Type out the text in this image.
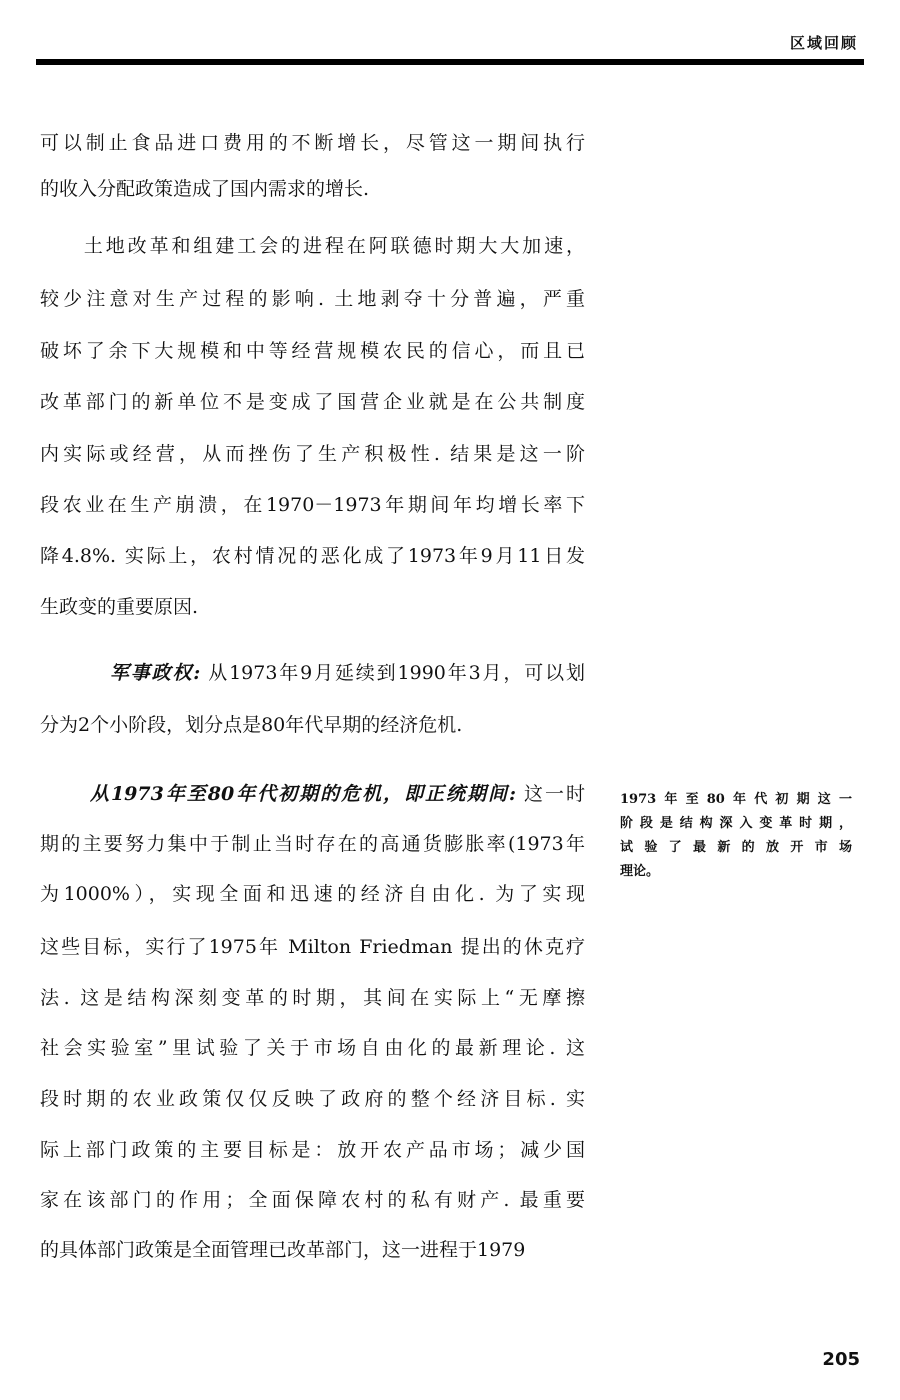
区域回顾
可以制止食品进口费用的不断增长，尽管这一期间执行
的收入分配政策造成了国内需求的增长.
　　土地改革和组建工会的进程在阿联德时期大大加速，
较少注意对生产过程的影响. 土地剥夺十分普遍，严重
破坏了余下大规模和中等经营规模农民的信心，而且已
改革部门的新单位不是变成了国营企业就是在公共制度
内实际或经营，从而挫伤了生产积极性. 结果是这一阶
段农业在生产崩溃，在1970－1973年期间年均增长率下
降4.8%. 实际上，农村情况的恶化成了1973年9月11日发
生政变的重要原因.
军事政权: 从1973年9月延续到1990年3月，可以划
分为2个小阶段，划分点是80年代早期的经济危机.
从1973年至80年代初期的危机，即正统期间: 这一时
期的主要努力集中于制止当时存在的高通货膨胀率(1973年
为1000%），实现全面和迅速的经济自由化. 为了实现
这些目标，实行了1975年 Milton Friedman 提出的休克疗
法. 这是结构深刻变革的时期，其间在实际上“无摩擦
社会实验室”里试验了关于市场自由化的最新理论. 这
段时期的农业政策仅仅反映了政府的整个经济目标. 实
际上部门政策的主要目标是：放开农产品市场；减少国
家在该部门的作用；全面保障农村的私有财产. 最重要
的具体部门政策是全面管理已改革部门，这一进程于1979
1973年至80年代初期这一
阶段是结构深入变革时期，
试验了最新的放开市场
理论。
205
